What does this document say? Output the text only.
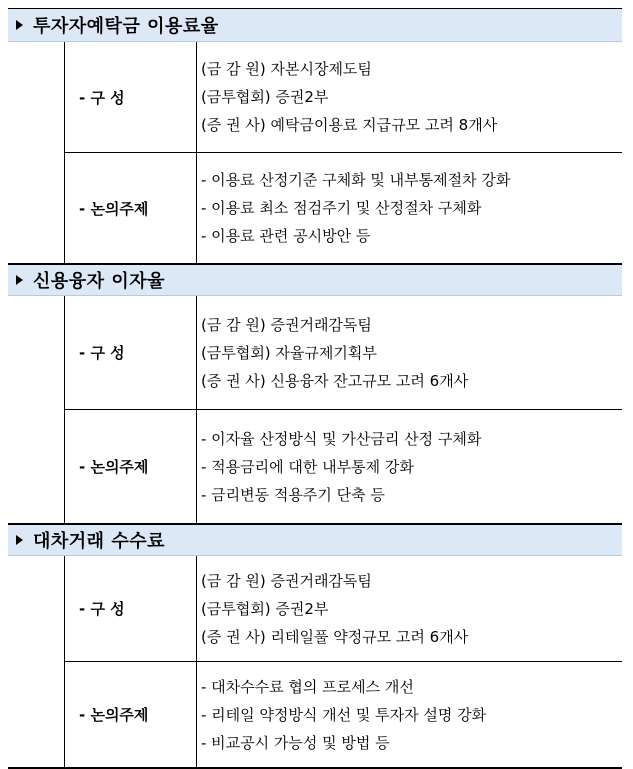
투자자예탁금 이용료율
- 구 성
(금 감 원) 자본시장제도팀
(금투협회) 증권2부
(증 권 사) 예탁금이용료 지급규모 고려 8개사
- 논의주제
- 이용료 산정기준 구체화 및 내부통제절차 강화
- 이용료 최소 점검주기 및 산정절차 구체화
- 이용료 관련 공시방안 등
신용융자 이자율
- 구 성
(금 감 원) 증권거래감독팀
(금투협회) 자율규제기획부
(증 권 사) 신용융자 잔고규모 고려 6개사
- 논의주제
- 이자율 산정방식 및 가산금리 산정 구체화
- 적용금리에 대한 내부통제 강화
- 금리변동 적용주기 단축 등
대차거래 수수료
- 구 성
(금 감 원) 증권거래감독팀
(금투협회) 증권2부
(증 권 사) 리테일풀 약정규모 고려 6개사
- 논의주제
- 대차수수료 협의 프로세스 개선
- 리테일 약정방식 개선 및 투자자 설명 강화
- 비교공시 가능성 및 방법 등
